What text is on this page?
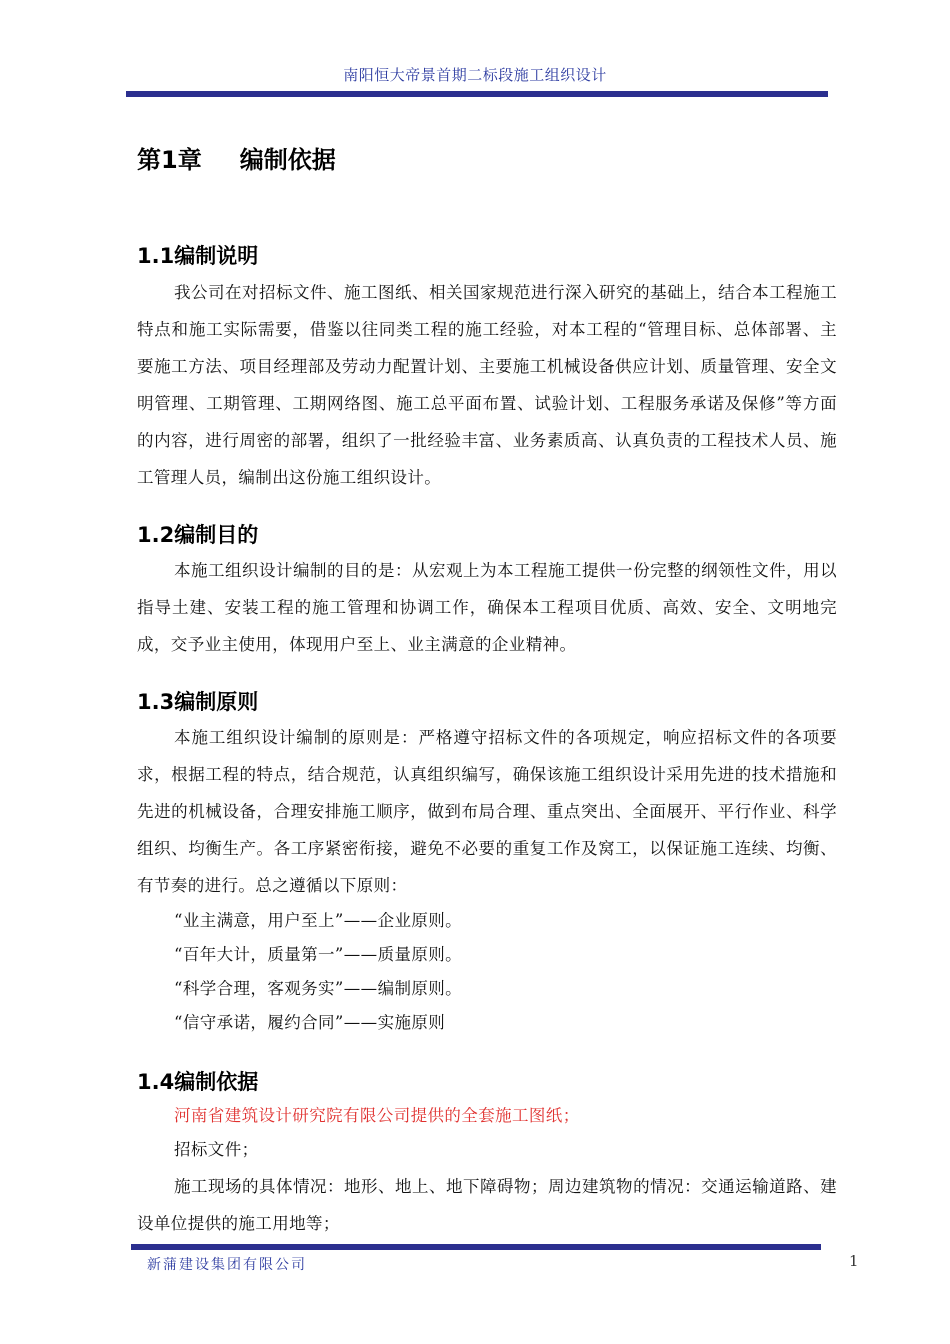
南阳恒大帝景首期二标段施工组织设计
第1章 编制依据
1.1编制说明
我公司在对招标文件、施工图纸、相关国家规范进行深入研究的基础上，结合本工程施工特点和施工实际需要，借鉴以往同类工程的施工经验，对本工程的“管理目标、总体部署、主要施工方法、项目经理部及劳动力配置计划、主要施工机械设备供应计划、质量管理、安全文明管理、工期管理、工期网络图、施工总平面布置、试验计划、工程服务承诺及保修”等方面的内容，进行周密的部署，组织了一批经验丰富、业务素质高、认真负责的工程技术人员、施工管理人员，编制出这份施工组织设计。
1.2编制目的
本施工组织设计编制的目的是：从宏观上为本工程施工提供一份完整的纲领性文件，用以指导土建、安装工程的施工管理和协调工作，确保本工程项目优质、高效、安全、文明地完成，交予业主使用，体现用户至上、业主满意的企业精神。
1.3编制原则
本施工组织设计编制的原则是：严格遵守招标文件的各项规定，响应招标文件的各项要求，根据工程的特点，结合规范，认真组织编写，确保该施工组织设计采用先进的技术措施和先进的机械设备，合理安排施工顺序，做到布局合理、重点突出、全面展开、平行作业、科学组织、均衡生产。各工序紧密衔接，避免不必要的重复工作及窝工，以保证施工连续、均衡、有节奏的进行。总之遵循以下原则：
“业主满意，用户至上”——企业原则。
“百年大计，质量第一”——质量原则。
“科学合理，客观务实”——编制原则。
“信守承诺，履约合同”——实施原则
1.4编制依据
河南省建筑设计研究院有限公司提供的全套施工图纸；
招标文件；
施工现场的具体情况：地形、地上、地下障碍物；周边建筑物的情况：交通运输道路、建设单位提供的施工用地等；
新蒲建设集团有限公司	1
